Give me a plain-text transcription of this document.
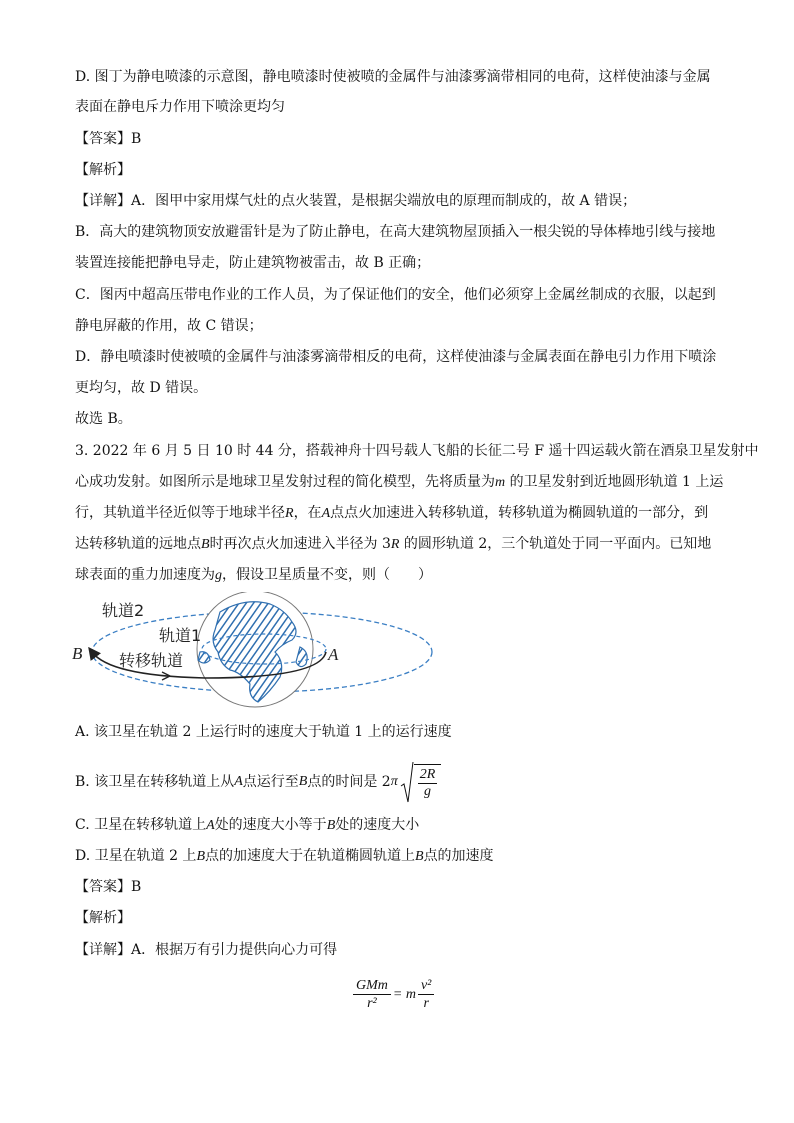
D. 图丁为静电喷漆的示意图，静电喷漆时使被喷的金属件与油漆雾滴带相同的电荷，这样使油漆与金属
表面在静电斥力作用下喷涂更均匀
【答案】B
【解析】
【详解】A．图甲中家用煤气灶的点火装置，是根据尖端放电的原理而制成的，故 A 错误；
B．高大的建筑物顶安放避雷针是为了防止静电，在高大建筑物屋顶插入一根尖锐的导体棒地引线与接地
装置连接能把静电导走，防止建筑物被雷击，故 B 正确；
C．图丙中超高压带电作业的工作人员，为了保证他们的安全，他们必须穿上金属丝制成的衣服，以起到
静电屏蔽的作用，故 C 错误；
D．静电喷漆时使被喷的金属件与油漆雾滴带相反的电荷，这样使油漆与金属表面在静电引力作用下喷涂
更均匀，故 D 错误。
故选 B。
3. 2022 年 6 月 5 日 10 时 44 分，搭载神舟十四号载人飞船的长征二号 F 遥十四运载火箭在酒泉卫星发射中
心成功发射。如图所示是地球卫星发射过程的简化模型，先将质量为m 的卫星发射到近地圆形轨道 1 上运
行，其轨道半径近似等于地球半径R，在A点点火加速进入转移轨道，转移轨道为椭圆轨道的一部分，到
达转移轨道的远地点B时再次点火加速进入半径为 3R 的圆形轨道 2，三个轨道处于同一平面内。已知地
球表面的重力加速度为g，假设卫星质量不变，则（　　）
轨道2
轨道1
转移轨道
B	A
A. 该卫星在轨道 2 上运行时的速度大于轨道 1 上的运行速度
B. 该卫星在转移轨道上从 A 点运行至 B 点的时间是 2 π 2R
g
C. 卫星在转移轨道上A处的速度大小等于B处的速度大小
D. 卫星在轨道 2 上B点的加速度大于在轨道椭圆轨道上B点的加速度
【答案】B
【解析】
【详解】A．根据万有引力提供向心力可得
$\frac{\text{GMm}}{\text{r²}} = m \frac{\text{v²}}{r}$
